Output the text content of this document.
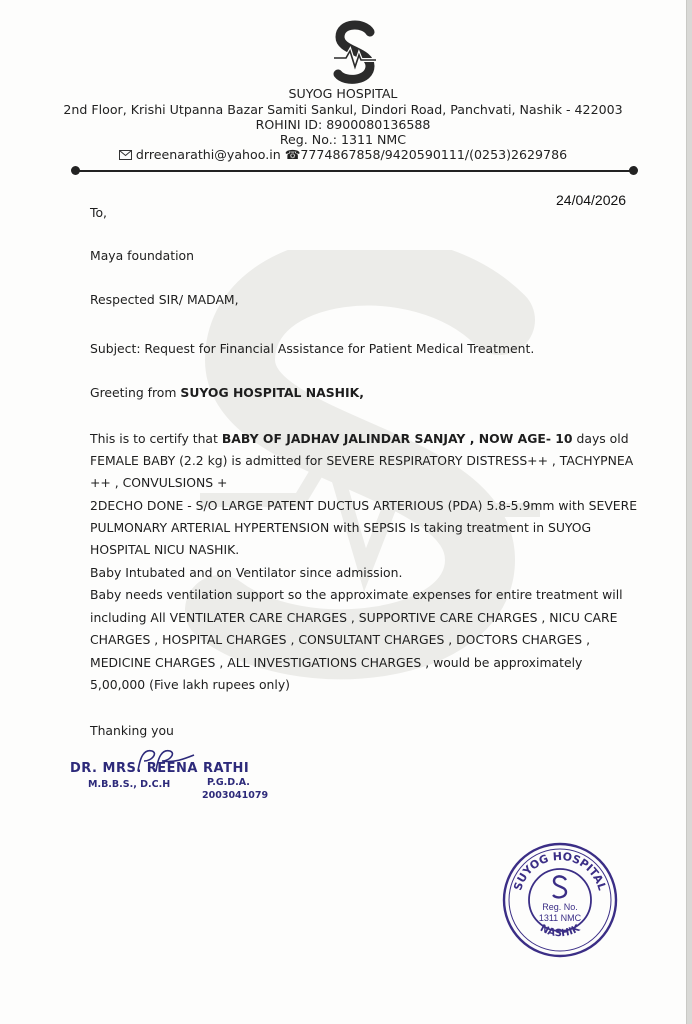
SUYOG HOSPITAL
2nd Floor, Krishi Utpanna Bazar Samiti Sankul, Dindori Road, Panchvati, Nashik - 422003
ROHINI ID: 8900080136588
Reg. No.: 1311 NMC
drreenarathi@yahoo.in ☎7774867858/9420590111/(0253)2629786
24/04/2026
To,
Maya foundation
Respected SIR/ MADAM,
Subject: Request for Financial Assistance for Patient Medical Treatment.
Greeting from SUYOG HOSPITAL NASHIK,
This is to certify that BABY OF JADHAV JALINDAR SANJAY , NOW AGE- 10 days old
FEMALE BABY (2.2 kg) is admitted for SEVERE RESPIRATORY DISTRESS++ , TACHYPNEA
++ , CONVULSIONS +
2DECHO DONE - S/O LARGE PATENT DUCTUS ARTERIOUS (PDA) 5.8-5.9mm with SEVERE
PULMONARY ARTERIAL HYPERTENSION with SEPSIS Is taking treatment in SUYOG
HOSPITAL NICU NASHIK.
Baby Intubated and on Ventilator since admission.
Baby needs ventilation support so the approximate expenses for entire treatment will
including All VENTILATER CARE CHARGES , SUPPORTIVE CARE CHARGES , NICU CARE
CHARGES , HOSPITAL CHARGES , CONSULTANT CHARGES , DOCTORS CHARGES ,
MEDICINE CHARGES , ALL INVESTIGATIONS CHARGES , would be approximately
5,00,000 (Five lakh rupees only)
Thanking you
DR. MRS. REENA RATHI
M.B.B.S., D.C.H	P.G.D.A.
2003041079
SUYOG HOSPITAL
NASHIK
Reg. No.
1311 NMC
